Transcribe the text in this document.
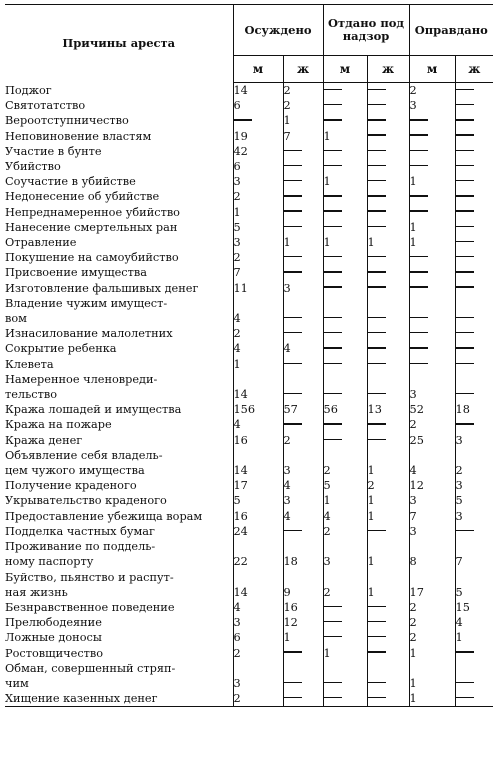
Причины ареста	Осуждено		Отдано под надзор		Оправдано	
	м	ж	м	ж	м	ж
Поджог	14	2			2	
Святотатство	6	2			3	
Вероотступничество		1				
Неповиновение властям	19	7	1			
Участие в бунте	42					
Убийство	6					
Соучастие в убийстве	3		1		1	
Недонесение об убийстве	2					
Непреднамеренное убийство	1					
Нанесение смертельных ран	5				1	
Отравление	3	1	1	1	1	
Покушение на самоубийство	2					
Присвоение имущества	7					
Изготовление фальшивых денег	11	3				
Владение чужим имущест-
вом	4					
Изнасилование малолетних	2					
Сокрытие ребенка	4	4				
Клевета	1					
Намеренное членовреди-
тельство	14				3	
Кража лошадей и имущества	156	57	56	13	52	18
Кража на пожаре	4				2	
Кража денег	16	2			25	3
Объявление себя владель-
цем чужого имущества	14	3	2	1	4	2
Получение краденого	17	4	5	2	12	3
Укрывательство краденого	5	3	1	1	3	5
Предоставление убежища ворам	16	4	4	1	7	3
Подделка частных бумаг	24		2		3	
Проживание по поддель-
ному паспорту	22	18	3	1	8	7
Буйство, пьянство и распут-
ная жизнь	14	9	2	1	17	5
Безнравственное поведение	4	16			2	15
Прелюбодеяние	3	12			2	4
Ложные доносы	6	1			2	1
Ростовщичество	2		1		1	
Обман, совершенный стряп-
чим	3				1	
Хищение казенных денег	2				1	
